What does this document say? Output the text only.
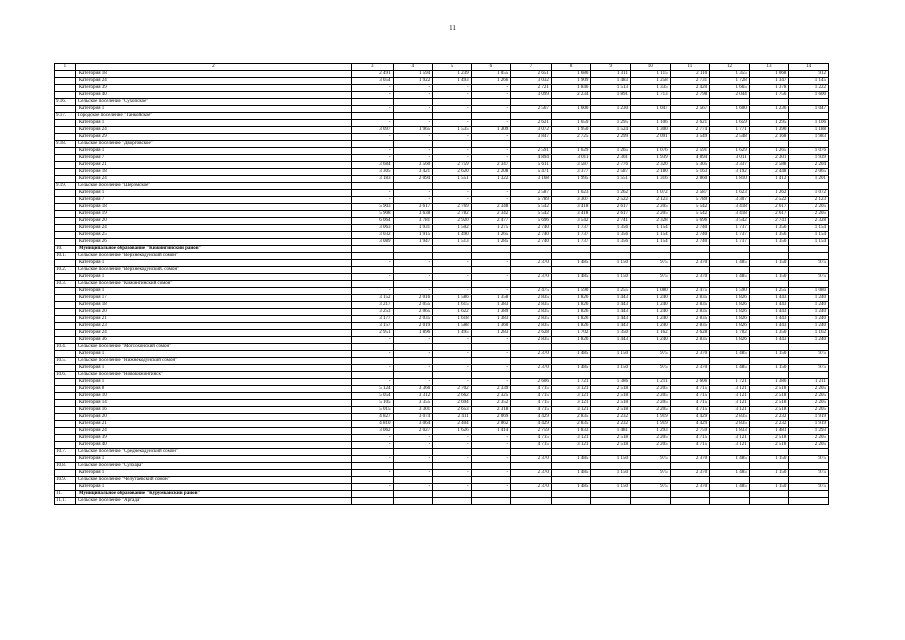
11
1	2	3	4	5	6	7	8	9	10	11	12	13	14
	Категория 18	2 491	1 594	1 239	1 055	2 651	1 680	1 311	1 115	2 110	1 355	1 068	912
	Категория 24	3 054	1 922	1 493	1 266	3 032	1 909	1 483	1 258	2 731	1 728	1 347	1 145
	Категория 39	-	-	-	-	2 721	1 846	1 513	1 335	2 420	1 665	1 378	1 222
	Категория 40	-	-	-	-	3 099	2 234	1 891	1 713	2 798	2 044	1 756	1 600
9.16.	Сельское поселение "Сухопское"												
	Категория 1	-	-	-	-	2 567	1 600	1 230	1 047	2 567	1 600	1 236	1 047
9.17.	Городское поселение "Танкойское"												
	Категория 1	-	-	-	-	2 621	1 659	1 295	1 106	2 621	1 659	1 295	1 106
	Категория 24	3 097	1 965	1 535	1 309	3 072	1 950	1 524	1 300	2 774	1 771	1 390	1 188
	Категория 29	-	-	-	-	3 847	2 725	2 299	2 091	3 549	2 548	2 168	1 983
9.18.	Сельское поселение "Дворговское"												
	Категория 1	-	-	-	-	2 591	1 629	1 265	1 076	2 591	1 629	1 265	1 076
	Категория 7	-	-	-	-	4 894	3 011	2 301	1 939	4 894	3 011	2 301	1 939
	Категория 21	3 684	3 560	2 759	2 347	5 611	3 587	2 776	2 320	5 305	3 337	2 588	2 204
	Категория 18	3 305	3 421	2 620	2 208	5 471	3 377	2 587	2 180	5 163	3 192	2 448	2 065
	Категория 24	3 183	2 094	1 551	1 322	3 168	1 995	1 551	1 316	2 860	1 810	1 412	1 201
9.19.	Сельское поселение "Шерэмское"												
	Категория 1	-	-	-	-	2 587	1 623	1 262	1 072	2 587	1 623	1 262	1 072
	Категория 7	-	-	-	-	5 789	3 307	2 522	2 123	5 789	3 307	2 522	2 123
	Категория 18	5 903	3 617	2 769	2 348	5 542	3 418	2 617	2 205	5 542	3 418	2 617	2 205
	Категория 19	5 908	3 638	2 782	2 342	5 542	3 418	2 617	2 205	5 542	3 418	2 617	2 205
	Категория 20	6 064	3 781	2 920	2 477	5 696	3 542	2 741	2 328	5 696	3 542	2 741	2 328
	Категория 24	3 063	1 931	1 502	1 275	2 740	1 737	1 356	1 154	2 740	1 737	1 356	1 154
	Категория 25	3 032	1 915	1 490	1 265	2 740	1 737	1 356	1 154	2 740	1 737	1 356	1 154
	Категория 26	3 089	1 947	1 513	1 285	2 740	1 737	1 356	1 154	2 740	1 737	1 356	1 154
10.	Муниципальное образование "Кижингинский район"												
10.1.	Сельское поселение "Верхнекодунский сомон"												
	Категория 1	-	-	-	-	2 370	1 485	1 150	975	2 370	1 485	1 150	975
10.2.	Сельское поселение "Верхнекодунский. сомон"												
	Категория 1	-	-	-	-	2 370	1 485	1 150	975	2 370	1 485	1 150	975
10.3.	Сельское поселение "Кижингинский сомон"												
	Категория 1	-	-	-	-	2 475	1 590	1 255	1 080	2 475	1 590	1 255	1 080
	Категория 17	3 152	2 016	1 586	1 358	2 835	1 826	1 443	1 240	2 835	1 826	1 443	1 240
	Категория 18	3 217	2 055	1 615	1 383	2 835	1 826	1 443	1 240	2 835	1 826	1 443	1 240
	Категория 20	3 253	2 065	1 622	1 389	2 835	1 826	1 443	1 240	2 835	1 826	1 443	1 240
	Категория 21	3 177	2 035	1 618	1 383	2 835	1 826	1 443	1 240	2 835	1 826	1 443	1 240
	Категория 23	3 157	2 019	1 588	1 360	2 835	1 826	1 443	1 240	2 835	1 826	1 443	1 240
	Категория 24	2 951	1 896	1 495	1 283	2 628	1 702	1 350	1 162	2 628	1 702	1 350	1 162
	Категория 36	-	-	-	-	2 835	1 826	1 443	1 240	2 835	1 826	1 443	1 240
10.4.	Сельское поселение "Могсохонский сомон"												
	Категория 1	-	-	-	-	2 370	1 485	1 150	975	2 370	1 485	1 150	975
10.5.	Сельское поселение "Нижнекодунский сомон"												
	Категория 1	-	-	-	-	2 370	1 485	1 150	975	2 370	1 485	1 150	975
10.6.	Сельское поселение "Новокижингинск"												
	Категория 1	-	-	-	-	2 606	1 721	1 386	1 211	2 606	1 721	1 386	1 211
	Категория 8	5 124	3 366	2 702	2 339	4 715	3 121	2 518	2 205	4 715	3 121	2 518	2 205
	Категория 10	5 054	3 312	2 662	2 325	4 715	3 121	2 518	2 205	4 715	3 121	2 518	2 205
	Категория 14	5 105	3 355	2 694	2 352	4 715	3 121	2 518	2 205	4 715	3 121	2 518	2 205
	Категория 16	5 015	3 301	2 653	2 318	4 715	3 121	2 518	2 205	4 715	3 121	2 518	2 205
	Категория 20	4 827	3 074	2 411	2 069	4 429	2 835	2 232	1 919	4 429	2 835	2 232	1 919
	Категория 21	4 810	3 064	2 404	2 062	4 429	2 835	2 232	1 919	4 429	2 835	2 232	1 919
	Категория 24	3 062	2 027	1 626	1 414	2 759	1 833	1 481	1 293	2 759	1 833	1 481	1 293
	Категория 39	-	-	-	-	4 715	3 121	2 518	2 205	4 715	3 121	2 518	2 205
	Категория 40	-	-	-	-	4 715	3 121	2 518	2 205	4 715	3 121	2 518	2 205
10.7.	Сельское поселение "Среднекодунский сомон"												
	Категория 1	-	-	-	-	2 370	1 485	1 150	975	2 370	1 485	1 150	975
10.8.	Сельское поселение "Сулхара"												
	Категория 1	-	-	-	-	2 370	1 485	1 150	975	2 370	1 485	1 150	975
10.9.	Сельское поселение "Челутаевский сомон"												
	Категория 1	-	-	-	-	2 370	1 485	1 150	975	2 370	1 485	1 150	975
11.	Муниципальное образование "Курумканский район"												
11.1.	Сельское поселение "Аргада"												
